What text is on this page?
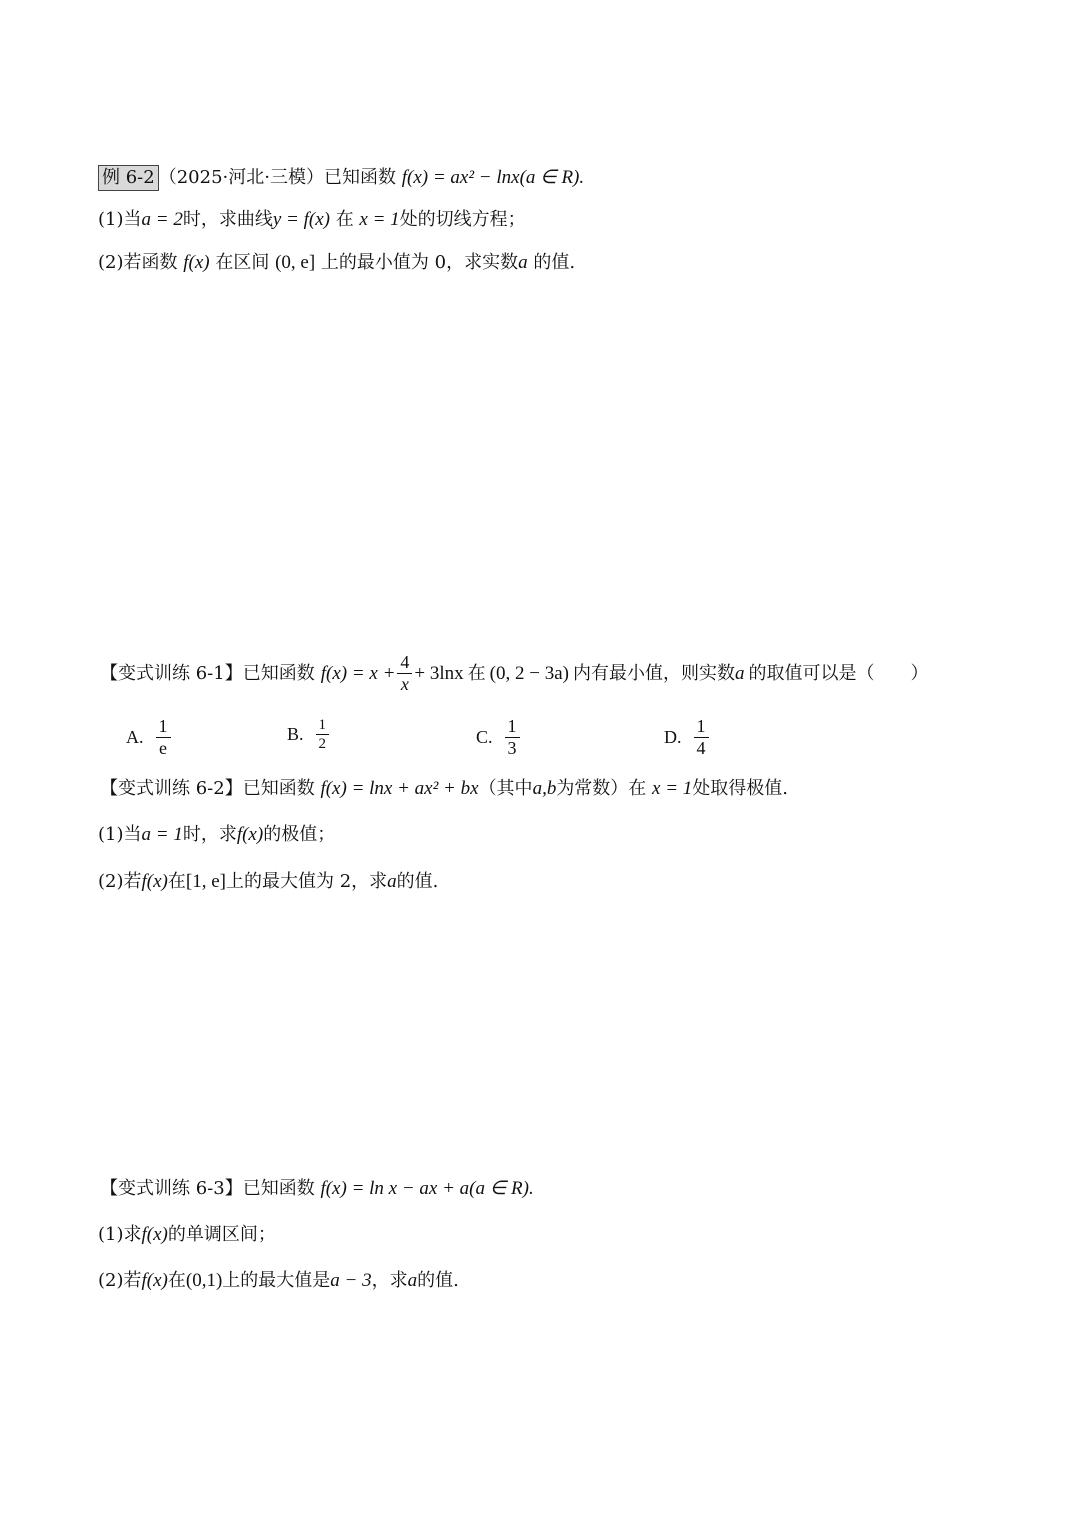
例 6-2 （2025·河北·三模）已知函数 f(x) = ax² − lnx(a ∈ R).
(1)当a = 2时，求曲线y = f(x) 在 x = 1处的切线方程；
(2)若函数 f(x) 在区间 (0, e] 上的最小值为 0，求实数a 的值.
【变式训练 6-1】已知函数 $f(x) = x + \frac{4}{x} + 3\ln x$ 在 (0, 2 − 3a) 内有最小值，则实数 a 的取值可以是（　　）
A. $\frac{1}{e}$	B. $\frac{1}{2}$	C. $\frac{1}{3}$	D. $\frac{1}{4}$
【变式训练 6-2】已知函数 f(x) = lnx + ax² + bx（其中a,b为常数）在 x = 1处取得极值.
(1)当a = 1时，求f(x)的极值；
(2)若f(x)在[1, e]上的最大值为 2，求a的值.
【变式训练 6-3】已知函数 f(x) = ln x − ax + a(a ∈ R).
(1)求f(x)的单调区间；
(2)若f(x)在(0,1)上的最大值是a − 3，求a的值.
